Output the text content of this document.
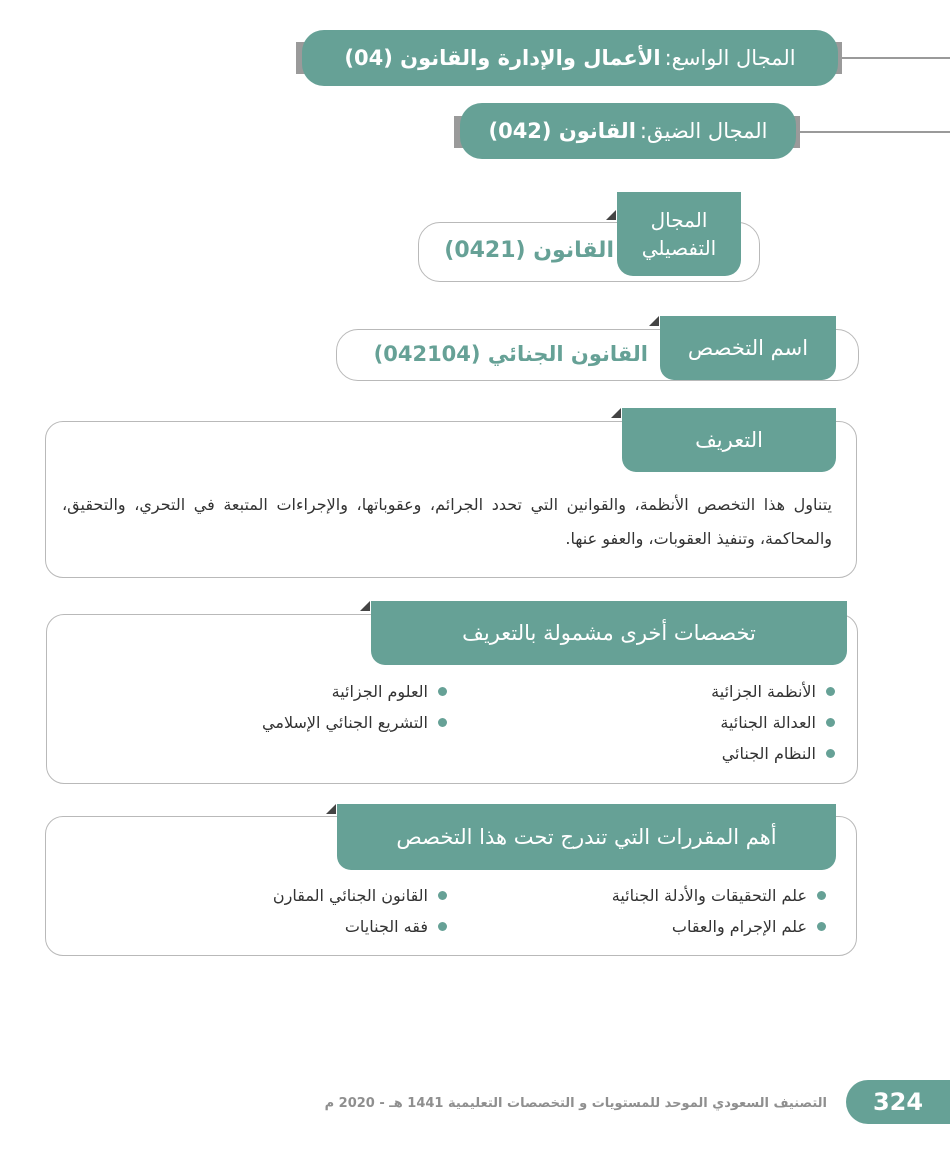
المجال الواسع:
الأعمال والإدارة والقانون (04)
المجال الضيق:
القانون (042)
المجال
التفصيلي
القانون (0421)
اسم التخصص
القانون الجنائي (042104)
التعريف
يتناول هذا التخصص الأنظمة، والقوانين التي تحدد الجرائم، وعقوباتها، والإجراءات المتبعة في التحري، والتحقيق، والمحاكمة، وتنفيذ العقوبات، والعفو عنها.
تخصصات أخرى مشمولة بالتعريف
الأنظمة الجزائية
العدالة الجنائية
النظام الجنائي
العلوم الجزائية
التشريع الجنائي الإسلامي
أهم المقررات التي تندرج تحت هذا التخصص
علم التحقيقات والأدلة الجنائية
علم الإجرام والعقاب
القانون الجنائي المقارن
فقه الجنايات
التصنيف السعودي الموحد للمستويات و التخصصات التعليمية 1441 هـ - 2020 م	324
